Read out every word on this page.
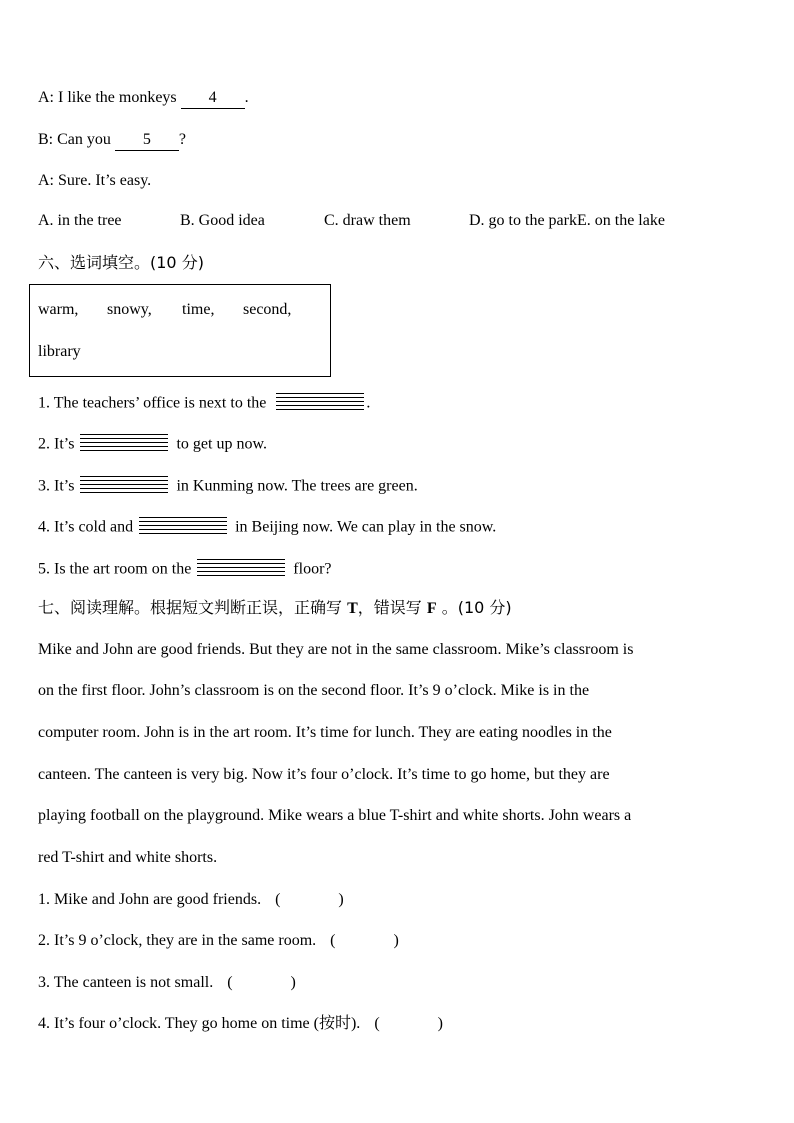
A: I like the monkeys 4 .
B: Can you 5 ?
A: Sure. It’s easy.
A. in the tree	B. Good idea	C. draw them	D. go to the parkE. on the lake
六、选词填空。(10 分)
warm, snowy, time, second,
library
1. The teachers’ office is next to the	.
2. It’s	to get up now.
3. It’s	in Kunming now. The trees are green.
4. It’s cold and	in Beijing now. We can play in the snow.
5. Is the art room on the	floor?
七、阅读理解。根据短文判断正误，正确写 T，错误写 F 。(10 分)
Mike and John are good friends. But they are not in the same classroom. Mike’s classroom is
on the first floor. John’s classroom is on the second floor. It’s 9 o’clock. Mike is in the
computer room. John is in the art room. It’s time for lunch. They are eating noodles in the
canteen. The canteen is very big. Now it’s four o’clock. It’s time to go home, but they are
playing football on the playground. Mike wears a blue T-shirt and white shorts. John wears a
red T-shirt and white shorts.
1. Mike and John are good friends. (	)
2. It’s 9 o’clock, they are in the same room. (	)
3. The canteen is not small. (	)
4. It’s four o’clock. They go home on time (按时). (	)
